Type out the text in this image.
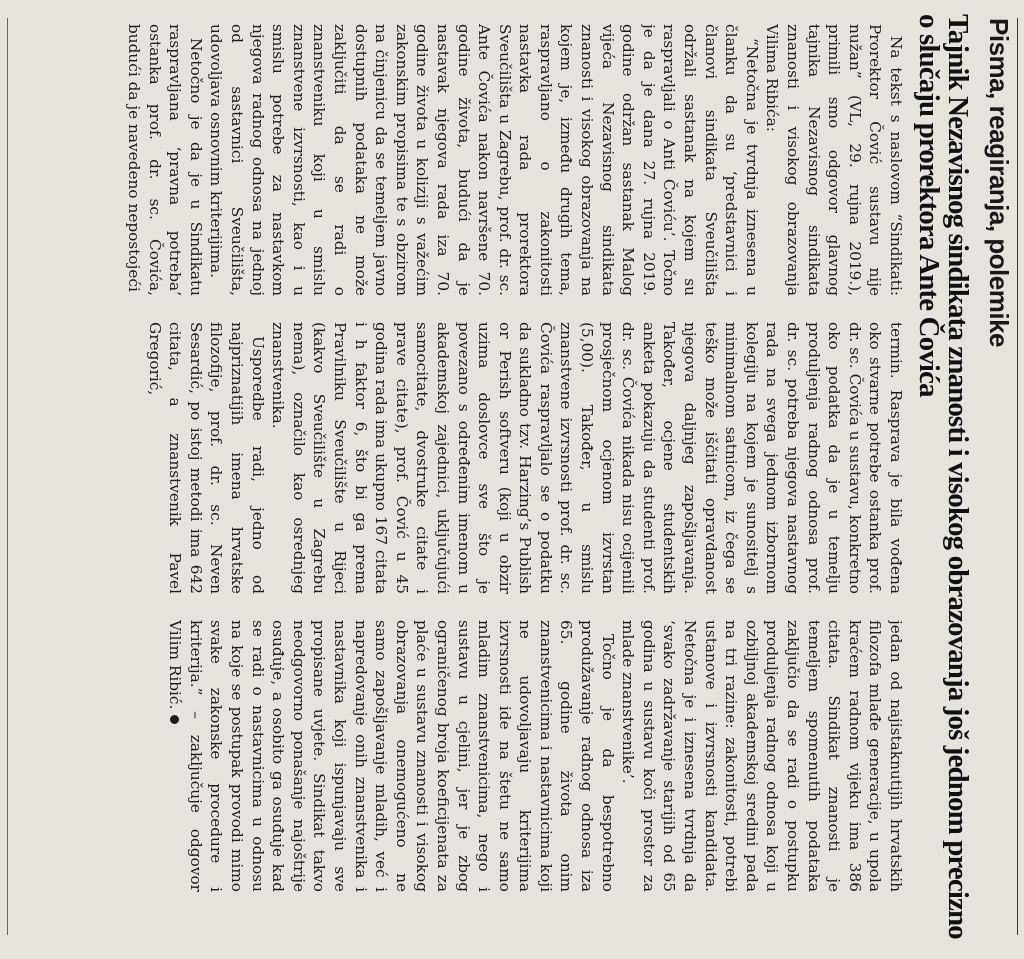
Pisma, reagiranja, polemike
Tajnik Nezavisnog sindikata znanosti i visokog obrazovanja još jednom precizno o slučaju prorektora Ante Čovića

Na tekst s naslovom “Sindikati: Prorektor Čović sustavu nije nužan” (VL, 29. rujna 2019.), primili smo odgovor glavnog tajnika Nezavisnog sindikata znanosti i visokog obrazovanja Vilima Ribića:

“Netočna je tvrdnja iznesena u članku da su ‘predstavnici i članovi sindikata Sveučilišta održali sastanak na kojem su raspravljali o Anti Čoviću’. Točno je da je dana 27. rujna 2019. godine održan sastanak Malog vijeća Nezavisnog sindikata znanosti i visokog obrazovanja na kojem je, između drugih tema, raspravljano o zakonitosti nastavka rada prorektora Sveučilišta u Zagrebu, prof. dr. sc. Ante Čovića nakon navršene 70. godine života, budući da je nastavak njegova rada iza 70. godine života u koliziji s važećim zakonskim propisima te s obzirom na činjenicu da se temeljem javno dostupnih podataka ne može zaključiti da se radi o znanstveniku koji u smislu znanstvene izvrsnosti, kao i u smislu potrebe za nastavkom njegova radnog odnosa na jednoj od sastavnici Sveučilišta, udovoljava osnovnim kriterijima.

Netočno je da je u Sindikatu raspravljana ‘pravna potreba’ ostanka prof. dr. sc. Čovića, budući da je navedeno nepostojeći

termin. Rasprava je bila vođena oko stvarne potrebe ostanka prof. dr. sc. Čovića u sustavu, konkretno oko podatka da je u temelju produljenja radnog odnosa prof. dr. sc. potreba njegova nastavnog rada na svega jednom izbornom kolegiju na kojem je sunositelj s minimalnom satnicom, iz čega se teško može iščitati opravdanost njegova daljnjeg zapošljavanja. Također, ocjene studentskih anketa pokazuju da studenti prof. dr. sc. Čovića nikada nisu ocijenili prosječnom ocjenom izvrstan (5,00). Također, u smislu znanstvene izvrsnosti prof. dr. sc. Čovića raspravljalo se o podatku da sukladno tzv. Harzing’s Publish or Perish softveru (koji u obzir uzima doslovce sve što je povezano s određenim imenom u akademskoj zajednici, uključujući samocitate, dvostruke citate i prave citate), prof. Čović u 45 godina rada ima ukupno 167 citata i h faktor 6, što bi ga prema Pravilniku Sveučilište u Rijeci (kakvo Sveučilište u Zagrebu nema), označilo kao osrednjeg znanstvenika.

Usporedbe radi, jedno od najpriznatijih imena hrvatske filozofije, prof. dr. sc. Neven Sesardić, po istoj metodi ima 642 citata, a znanstvenik Pavel Gregorić,

jedan od najistaknutijih hrvatskih filozofa mlađe generacije, u upola kraćem radnom vijeku ima 386 citata. Sindikat znanosti je temeljem spomenutih podataka zaključio da se radi o postupku produljenja radnog odnosa koji u ozbiljnoj akademskoj sredini pada na tri razine: zakonitosti, potrebi ustanove i izvrsnosti kandidata. Netočna je i iznesena tvrdnja da ‘svako zadržavanje starijih od 65 godina u sustavu koči prostor za mlade znanstvenike’.

Točno je da bespotrebno produžavanje radnog odnosa iza 65. godine života onim znanstvenicima i nastavnicima koji ne udovoljavaju kriterijima izvrsnosti ide na štetu ne samo mladim znanstvenicima, nego i sustavu u cjelini, jer je zbog ograničenog broja koeficijenata za plaće u sustavu znanosti i visokog obrazovanja onemogućeno ne samo zapošljavanje mladih, već i napredovanje onih znanstvenika i nastavnika koji ispunjavaju sve propisane uvjete. Sindikat takvo neodgovorno ponašanje najoštrije osuđuje, a osobito ga osuđuje kad se radi o nastavnicima u odnosu na koje se postupak provodi mimo svake zakonske procedure i kriterija.” – zaključuje odgovor Vilim Ribić.
